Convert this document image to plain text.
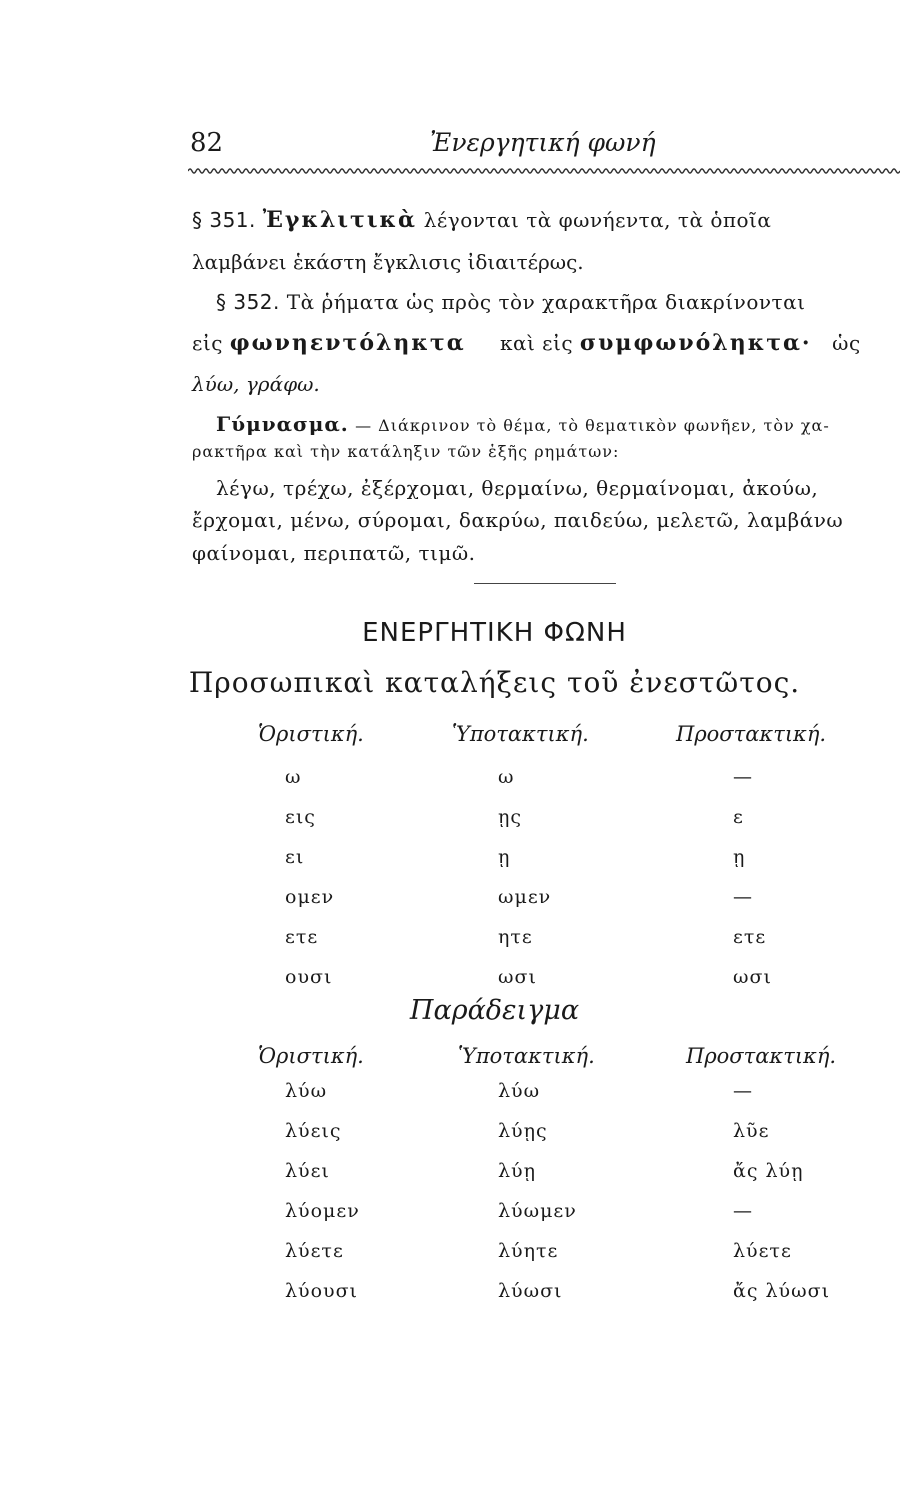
82	Ἐνεργητική φωνή
§ 351. Ἐγκλιτικὰ λέγονται τὰ φωνήεντα, τὰ ὁποῖα
λαμβάνει ἑκάστη ἔγκλισις ἰδιαιτέρως.
§ 352. Τὰ ῥήματα ὡς πρὸς τὸν χαρακτῆρα διακρίνονται
εἰς φωνηεντόληκτα καὶ εἰς συμφωνόληκτα· ὡς
λύω, γράφω.
Γύμνασμα. — Διάκρινον τὸ θέμα, τὸ θεματικὸν φωνῆεν, τὸν χα-
ρακτῆρα καὶ τὴν κατάληξιν τῶν ἑξῆς ρημάτων:
λέγω, τρέχω, ἐξέρχομαι, θερμαίνω, θερμαίνομαι, ἀκούω,
ἔρχομαι, μένω, σύρομαι, δακρύω, παιδεύω, μελετῶ, λαμβάνω
φαίνομαι, περιπατῶ, τιμῶ.
ΕΝΕΡΓΗΤΙΚΗ ΦΩΝΗ
Προσωπικαὶ καταλήξεις τοῦ ἐνεστῶτος.
Ὁριστική.	Ὑποτακτική.	Προστακτική.
ω	ω	—
εις	ῃς	ε
ει	ῃ	ῃ
ομεν	ωμεν	—
ετε	ητε	ετε
ουσι	ωσι	ωσι
Παράδειγμα
Ὁριστική.	Ὑποτακτική.	Προστακτική.
λύω	λύω	—
λύεις	λύῃς	λῦε
λύει	λύῃ	ἄς λύῃ
λύομεν	λύωμεν	—
λύετε	λύητε	λύετε
λύουσι	λύωσι	ἄς λύωσι
